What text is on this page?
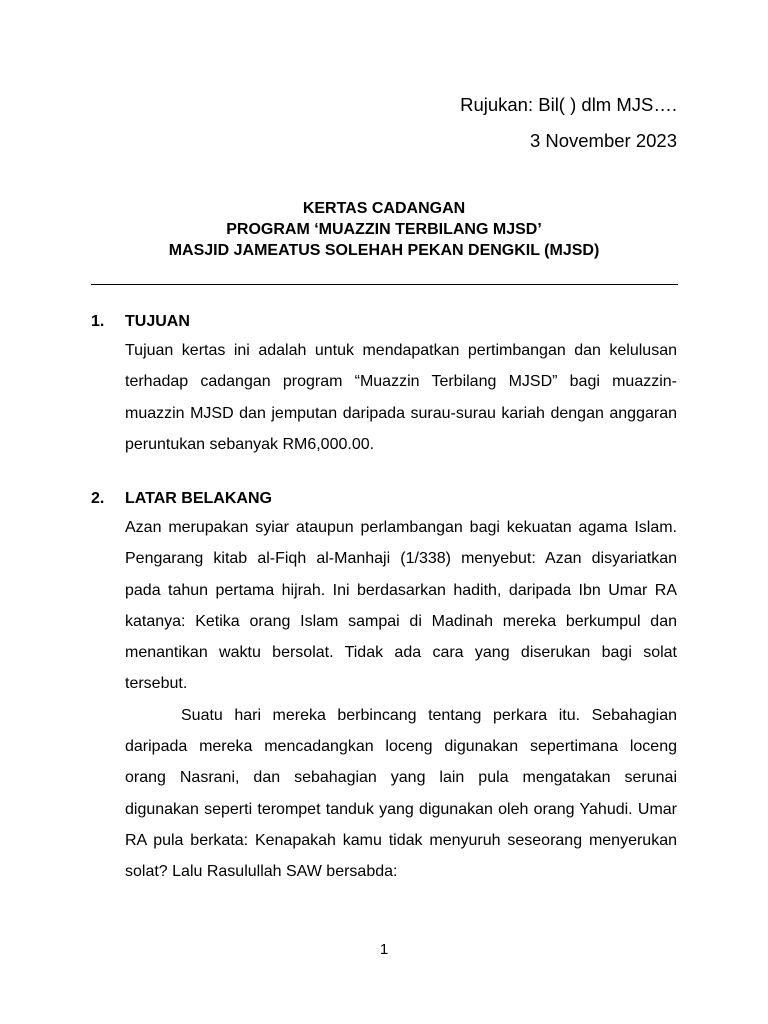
Rujukan: Bil( ) dlm MJS….
3 November 2023
KERTAS CADANGAN
PROGRAM ‘MUAZZIN TERBILANG MJSD’
MASJID JAMEATUS SOLEHAH PEKAN DENGKIL (MJSD)
1. TUJUAN

Tujuan kertas ini adalah untuk mendapatkan pertimbangan dan kelulusan terhadap cadangan program “Muazzin Terbilang MJSD” bagi muazzin-muazzin MJSD dan jemputan daripada surau-surau kariah dengan anggaran peruntukan sebanyak RM6,000.00.

2. LATAR BELAKANG

Azan merupakan syiar ataupun perlambangan bagi kekuatan agama Islam. Pengarang kitab al-Fiqh al-Manhaji (1/338) menyebut: Azan disyariatkan pada tahun pertama hijrah. Ini berdasarkan hadith, daripada Ibn Umar RA katanya: Ketika orang Islam sampai di Madinah mereka berkumpul dan menantikan waktu bersolat. Tidak ada cara yang diserukan bagi solat tersebut.

Suatu hari mereka berbincang tentang perkara itu. Sebahagian daripada mereka mencadangkan loceng digunakan sepertimana loceng orang Nasrani, dan sebahagian yang lain pula mengatakan serunai digunakan seperti terompet tanduk yang digunakan oleh orang Yahudi. Umar RA pula berkata: Kenapakah kamu tidak menyuruh seseorang menyerukan solat? Lalu Rasulullah SAW bersabda:

1
